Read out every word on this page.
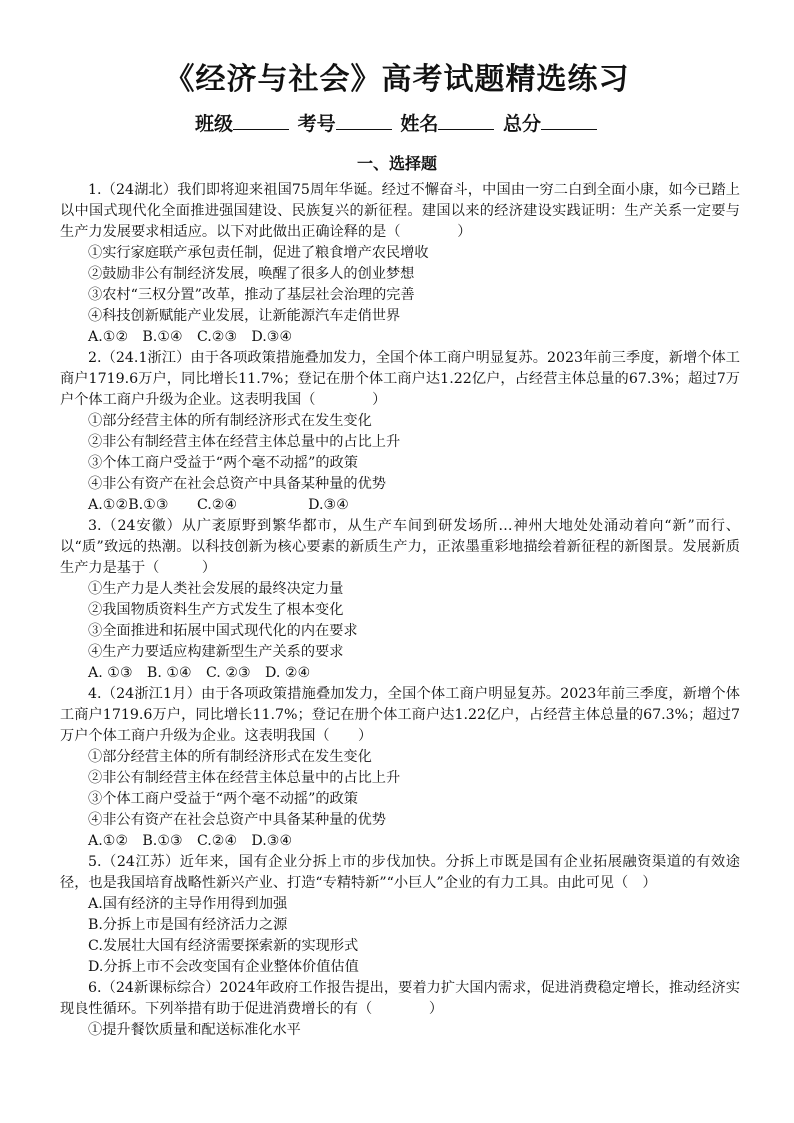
《经济与社会》高考试题精选练习
班级	考号	姓名	总分
一、选择题

1.（24湖北）我们即将迎来祖国75周年华诞。经过不懈奋斗，中国由一穷二白到全面小康，如今已踏上以中国式现代化全面推进强国建设、民族复兴的新征程。建国以来的经济建设实践证明：生产关系一定要与生产力发展要求相适应。以下对此做出正确诠释的是（　　　　）

①实行家庭联产承包责任制，促进了粮食增产农民增收

②鼓励非公有制经济发展，唤醒了很多人的创业梦想

③农村“三权分置”改革，推动了基层社会治理的完善

④科技创新赋能产业发展，让新能源汽车走俏世界

A.①②　B.①④　C.②③　D.③④

2.（24.1浙江）由于各项政策措施叠加发力，全国个体工商户明显复苏。2023年前三季度，新增个体工商户1719.6万户，同比增长11.7%；登记在册个体工商户达1.22亿户，占经营主体总量的67.3%；超过7万户个体工商户升级为企业。这表明我国（　　　　）

①部分经营主体的所有制经济形式在发生变化

②非公有制经营主体在经营主体总量中的占比上升

③个体工商户受益于“两个毫不动摇”的政策

④非公有资产在社会总资产中具备某种量的优势

A.①②B.①③　　C.②④　　　　　D.③④

3.（24安徽）从广袤原野到繁华都市，从生产车间到研发场所…神州大地处处涌动着向“新”而行、以“质”致远的热潮。以科技创新为核心要素的新质生产力，正浓墨重彩地描绘着新征程的新图景。发展新质生产力是基于（　　　）

①生产力是人类社会发展的最终决定力量

②我国物质资料生产方式发生了根本变化

③全面推进和拓展中国式现代化的内在要求

④生产力要适应构建新型生产关系的要求

A. ①③　B. ①④　C. ②③　D. ②④

4.（24浙江1月）由于各项政策措施叠加发力，全国个体工商户明显复苏。2023年前三季度，新增个体工商户1719.6万户，同比增长11.7%；登记在册个体工商户达1.22亿户，占经营主体总量的67.3%；超过7万户个体工商户升级为企业。这表明我国（　　）

①部分经营主体的所有制经济形式在发生变化

②非公有制经营主体在经营主体总量中的占比上升

③个体工商户受益于“两个毫不动摇”的政策

④非公有资产在社会总资产中具备某种量的优势

A.①②　B.①③　C.②④　D.③④

5.（24江苏）近年来，国有企业分拆上市的步伐加快。分拆上市既是国有企业拓展融资渠道的有效途径，也是我国培育战略性新兴产业、打造“专精特新”“小巨人”企业的有力工具。由此可见（　）

A.国有经济的主导作用得到加强

B.分拆上市是国有经济活力之源

C.发展壮大国有经济需要探索新的实现形式

D.分拆上市不会改变国有企业整体价值估值

6.（24新课标综合）2024年政府工作报告提出，要着力扩大国内需求，促进消费稳定增长，推动经济实现良性循环。下列举措有助于促进消费增长的有（　　　　）

①提升餐饮质量和配送标准化水平
